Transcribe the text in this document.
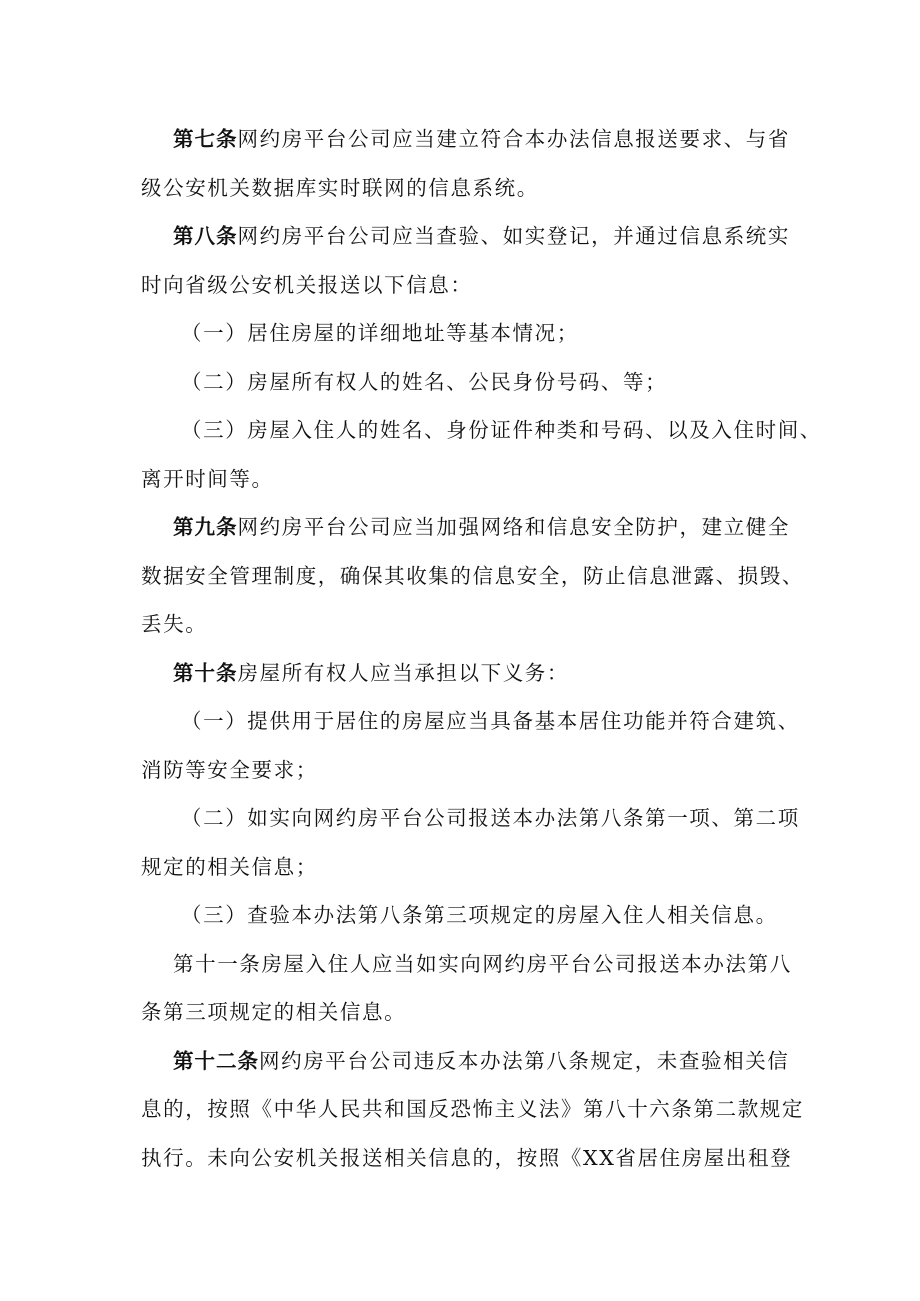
第七条网约房平台公司应当建立符合本办法信息报送要求、与省
级公安机关数据库实时联网的信息系统。
第八条网约房平台公司应当查验、如实登记，并通过信息系统实
时向省级公安机关报送以下信息：
（一）居住房屋的详细地址等基本情况；
（二）房屋所有权人的姓名、公民身份号码、等；
（三）房屋入住人的姓名、身份证件种类和号码、以及入住时间、
离开时间等。
第九条网约房平台公司应当加强网络和信息安全防护，建立健全
数据安全管理制度，确保其收集的信息安全，防止信息泄露、损毁、
丢失。
第十条房屋所有权人应当承担以下义务：
（一）提供用于居住的房屋应当具备基本居住功能并符合建筑、
消防等安全要求；
（二）如实向网约房平台公司报送本办法第八条第一项、第二项
规定的相关信息；
（三）查验本办法第八条第三项规定的房屋入住人相关信息。
第十一条房屋入住人应当如实向网约房平台公司报送本办法第八
条第三项规定的相关信息。
第十二条网约房平台公司违反本办法第八条规定，未查验相关信
息的，按照《中华人民共和国反恐怖主义法》第八十六条第二款规定
执行。未向公安机关报送相关信息的，按照《XX省居住房屋出租登
